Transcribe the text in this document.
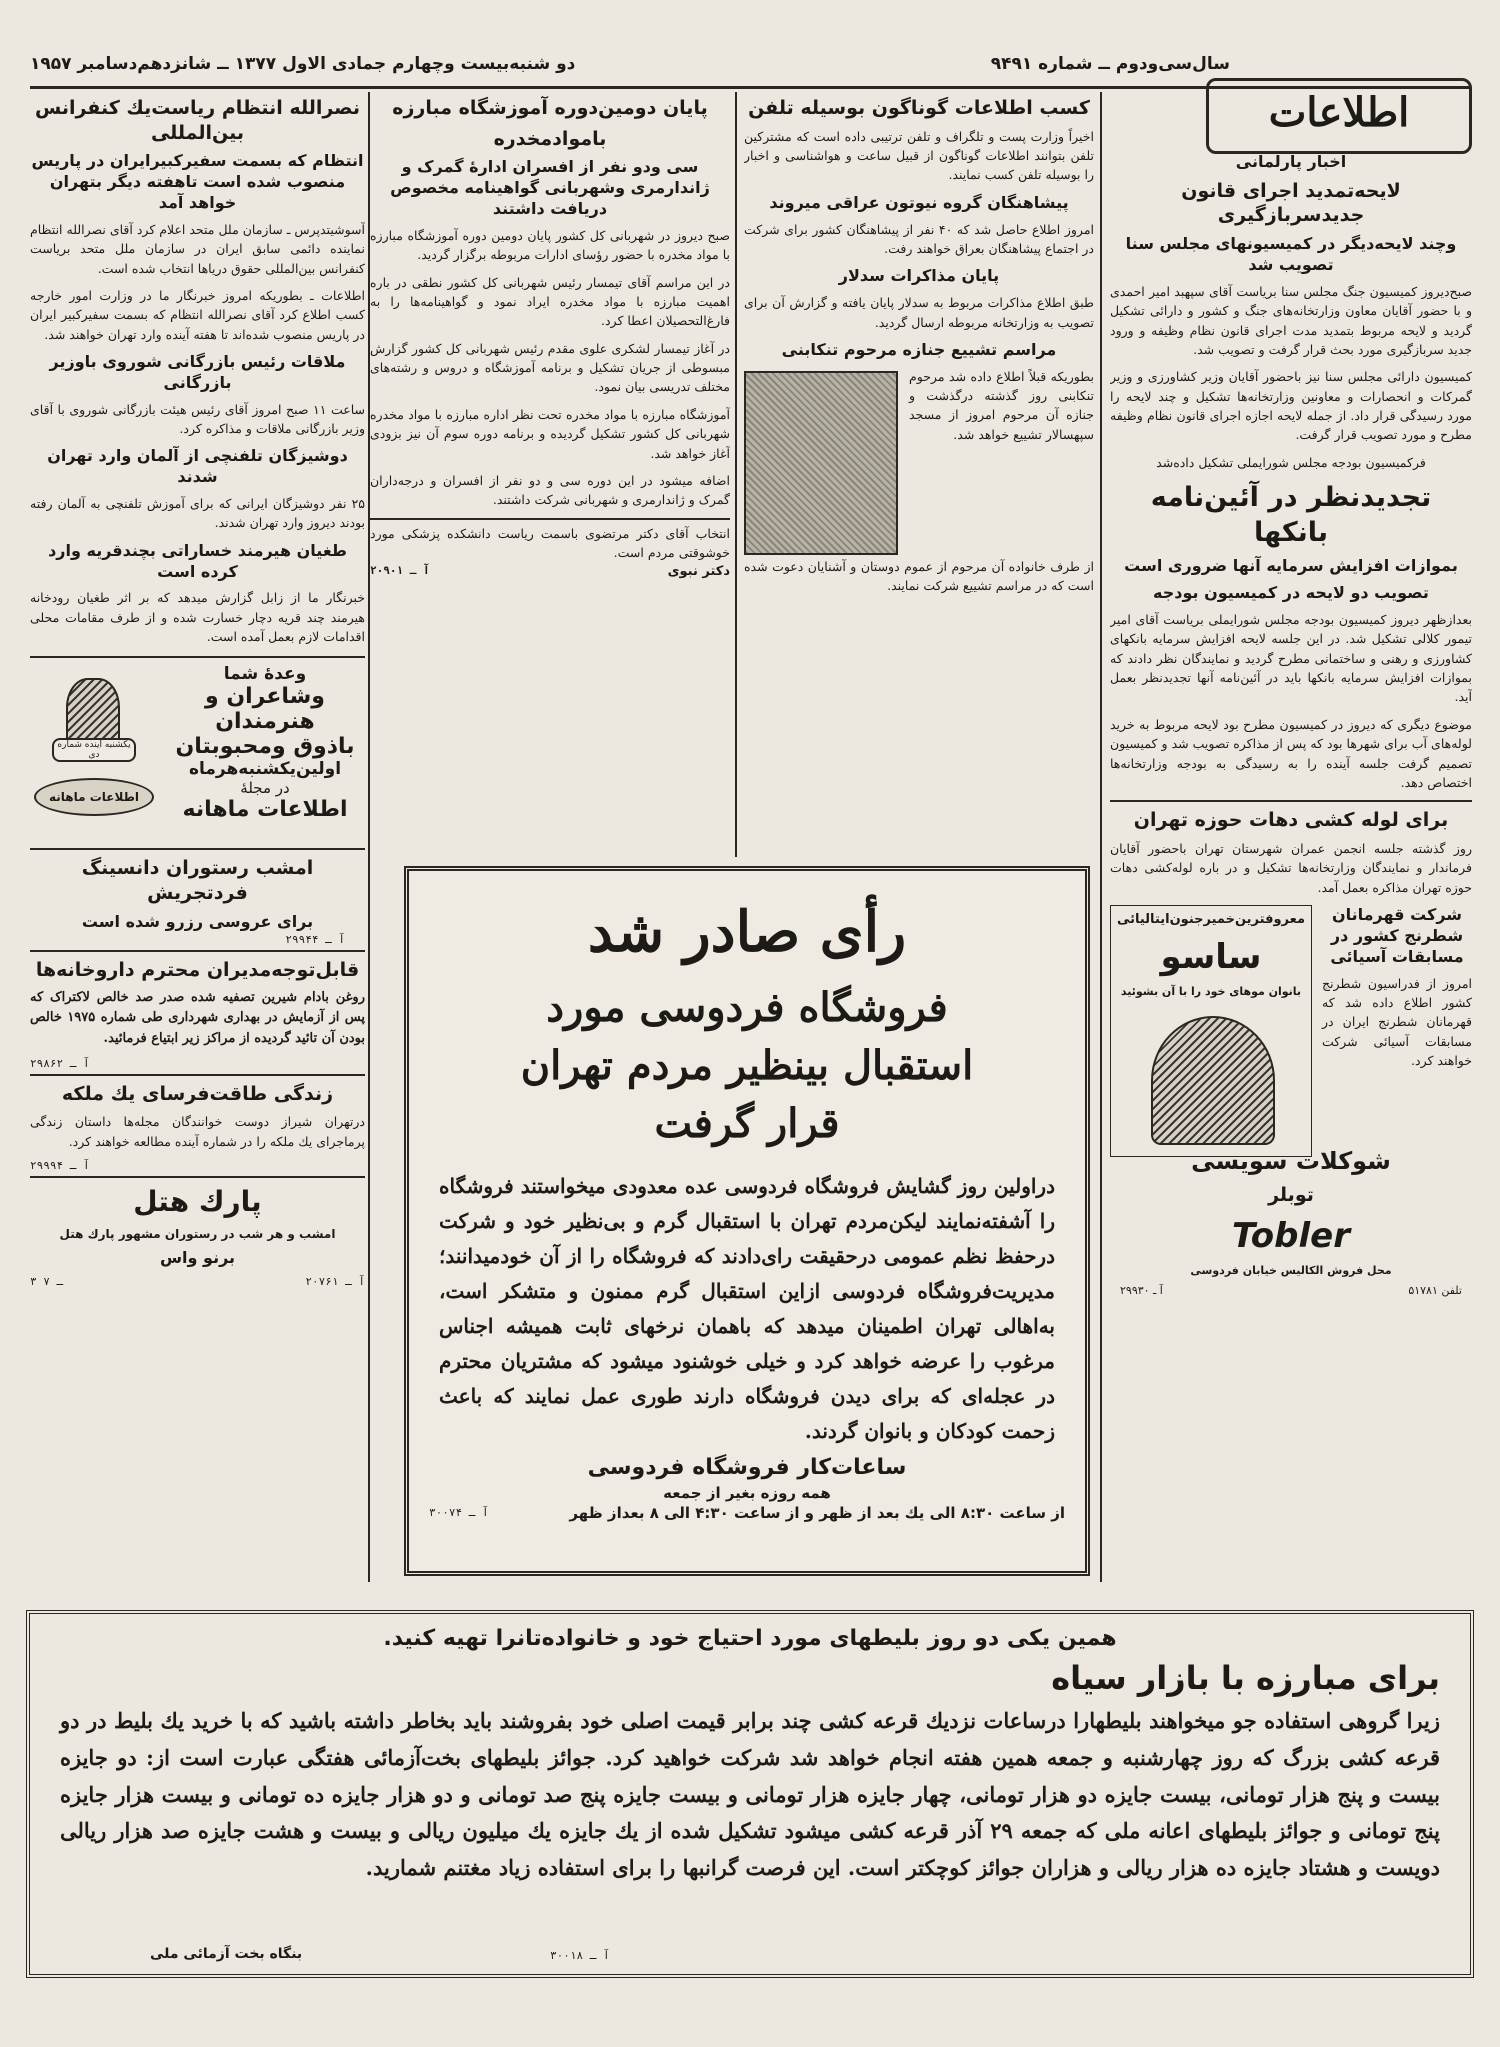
سال‌سی‌ودوم ــ شماره ۹۴۹۱
دو شنبه‌بیست وچهارم جمادی الاول ۱۳۷۷ ــ شانزدهم‌دسامبر ۱۹۵۷
اطلاعات
اخبار پارلمانی
لایحه‌تمدید اجرای قانون جدیدسربازگیری
وچند لایحه‌دیگر در کمیسیونهای مجلس سنا تصویب شد

صبح‌دیروز کمیسیون جنگ مجلس سنا بریاست آقای سپهبد امیر احمدی و با حضور آقایان معاون وزارتخانه‌های جنگ و کشور و دارائی تشکیل گردید و لایحه مربوط بتمدید مدت اجرای قانون نظام وظیفه و ورود جدید سربازگیری مورد بحث قرار گرفت و تصویب شد.

کمیسیون دارائی مجلس سنا نیز باحضور آقایان وزیر کشاورزی و وزیر گمرکات و انحصارات و معاونین وزارتخانه‌ها تشکیل و چند لایحه را مورد رسیدگی قرار داد. از جمله لایحه اجازه اجرای قانون نظام وظیفه مطرح و مورد تصویب قرار گرفت.

فرکمیسیون بودجه مجلس شورایملی تشکیل داده‌شد

تجدیدنظر در آئین‌نامه بانکها
بموازات افزایش سرمایه آنها ضروری است
تصویب دو لایحه در کمیسیون بودجه

بعدازظهر دیروز کمیسیون بودجه مجلس شورایملی بریاست آقای امیر تیمور کلالی تشکیل شد. در این جلسه لایحه افزایش سرمایه بانکهای کشاورزی و رهنی و ساختمانی مطرح گردید و نمایندگان نظر دادند که بموازات افزایش سرمایه بانکها باید در آئین‌نامه آنها تجدیدنظر بعمل آید.

موضوع دیگری که دیروز در کمیسیون مطرح بود لایحه مربوط به خرید لوله‌های آب برای شهرها بود که پس از مذاکره تصویب شد و کمیسیون تصمیم گرفت جلسه آینده را به رسیدگی به بودجه وزارتخانه‌ها اختصاص دهد.

برای لوله کشی دهات حوزه تهران

روز گذشته جلسه انجمن عمران شهرستان تهران باحضور آقایان فرماندار و نمایندگان وزارتخانه‌ها تشکیل و در باره لوله‌کشی دهات حوزه تهران مذاکره بعمل آمد.

شرکت قهرمانان شطرنج کشور در مسابقات آسیائی

امروز از فدراسیون شطرنج کشور اطلاع داده شد که قهرمانان شطرنج ایران در مسابقات آسیائی شرکت خواهند کرد.

معروفترین‌خمیرجنون‌ایتالیائی
ساسو
بانوان موهای خود را با آن بشوئید
شوکلات سویسی
توبلر
Tobler
محل فروش الکالیس خیابان فردوسی
تلفن ۵۱۷۸۱
آ ـ ۲۹۹۳۰
کسب اطلاعات گوناگون بوسیله تلفن

اخیراً وزارت پست و تلگراف و تلفن ترتیبی داده است که مشترکین تلفن بتوانند اطلاعات گوناگون از قبیل ساعت و هواشناسی و اخبار را بوسیله تلفن کسب نمایند.

پیشاهنگان گروه نیوتون عراقی میروند

امروز اطلاع حاصل شد که ۴۰ نفر از پیشاهنگان کشور برای شرکت در اجتماع پیشاهنگان بعراق خواهند رفت.

پایان مذاکرات سدلار

طبق اطلاع مذاکرات مربوط به سدلار پایان یافته و گزارش آن برای تصویب به وزارتخانه مربوطه ارسال گردید.

مراسم تشییع جنازه مرحوم تنکابنی

بطوریکه قبلاً اطلاع داده شد مرحوم تنکابنی روز گذشته درگذشت و جنازه آن مرحوم امروز از مسجد سپهسالار تشییع خواهد شد.

از طرف خانواده آن مرحوم از عموم دوستان و آشنایان دعوت شده است که در مراسم تشییع شرکت نمایند.

پایان دومین‌دوره آموزشگاه مبارزه
باموادمخدره
سی ودو نفر از افسران ادارۀ گمرک و ژاندارمری وشهربانی گواهینامه مخصوص دریافت داشتند

صبح دیروز در شهربانی کل کشور پایان دومین دوره آموزشگاه مبارزه با مواد مخدره با حضور رؤسای ادارات مربوطه برگزار گردید.

در این مراسم آقای تیمسار رئیس شهربانی کل کشور نطقی در باره اهمیت مبارزه با مواد مخدره ایراد نمود و گواهینامه‌ها را به فارغ‌التحصیلان اعطا کرد.

در آغاز تیمسار لشکری علوی مقدم رئیس شهربانی کل کشور گزارش مبسوطی از جریان تشکیل و برنامه آموزشگاه و دروس و رشته‌های مختلف تدریسی بیان نمود.

آموزشگاه مبارزه با مواد مخدره تحت نظر اداره مبارزه با مواد مخدره شهربانی کل کشور تشکیل گردیده و برنامه دوره سوم آن نیز بزودی آغاز خواهد شد.

اضافه میشود در این دوره سی و دو نفر از افسران و درجه‌داران گمرک و ژاندارمری و شهربانی شرکت داشتند.

انتخاب آقای دکتر مرتضوی باسمت ریاست دانشکده پزشکی مورد خوشوقتی مردم است.

دکتر نبوی
آ ـ ۲۰۹۰۱
نصرالله انتظام ریاست‌یك کنفرانس بین‌المللی
انتظام که بسمت سفیرکبیرایران در پاریس منصوب شده است تاهفته دیگر بتهران خواهد آمد

آسوشیتدپرس ـ سازمان ملل متحد اعلام کرد آقای نصرالله انتظام نماینده دائمی سابق ایران در سازمان ملل متحد بریاست کنفرانس بین‌المللی حقوق دریاها انتخاب شده است.

اطلاعات ـ بطوریکه امروز خبرنگار ما در وزارت امور خارجه کسب اطلاع کرد آقای نصرالله انتظام که بسمت سفیرکبیر ایران در پاریس منصوب شده‌اند تا هفته آینده وارد تهران خواهند شد.

ملاقات رئیس بازرگانی شوروی باوزیر بازرگانی

ساعت ۱۱ صبح امروز آقای رئیس هیئت بازرگانی شوروی با آقای وزیر بازرگانی ملاقات و مذاکره کرد.

دوشیزگان تلفنچی از آلمان وارد تهران شدند

۲۵ نفر دوشیزگان ایرانی که برای آموزش تلفنچی به آلمان رفته بودند دیروز وارد تهران شدند.

طغیان هیرمند خساراتی بچندقریه وارد کرده است

خبرنگار ما از زابل گزارش میدهد که بر اثر طغیان رودخانه هیرمند چند قریه دچار خسارت شده و از طرف مقامات محلی اقدامات لازم بعمل آمده است.

وعدۀ شما
وشاعران و هنرمندان
باذوق ومحبوبتان
اولین‌یکشنبه‌هرماه
در مجلهٔ
اطلاعات ماهانه
یکشنبه آینده شماره دی
اطلاعات ماهانه
امشب رستوران دانسینگ فردتجریش
برای عروسی رزرو شده است
آ ـ ۲۹۹۴۴
قابل‌توجه‌مدیران محترم داروخانه‌ها

روغن بادام شیرین تصفیه شده صدر صد خالص لاکتراک که پس از آزمایش در بهداری شهرداری طی شماره ۱۹۷۵ خالص بودن آن تائید گردیده از مراکز زیر ابتیاع فرمائید.

آ ـ ۲۹۸۶۲
زندگی طاقت‌فرسای یك ملکه

درتهران شیراز دوست‌ خوانندگان مجله‌ها داستان زندگی پرماجرای یك ملکه را در شماره آینده مطالعه خواهند کرد.

آ ـ ۲۹۹۹۴
پارك هتل
امشب و هر شب در رستوران مشهور پارك هتل
برنو واس
آ ـ ۲۰۷۶۱
۳ ـ ۷
رأی صادر شد
فروشگاه فردوسی مورد
استقبال بینظیر مردم تهران
قرار گرفت
دراولین روز گشایش فروشگاه فردوسی عده معدودی میخواستند فروشگاه را آشفته‌نمایند لیکن‌مردم تهران با استقبال گرم و بی‌نظیر خود و شرکت درحفظ نظم عمومی درحقیقت رای‌دادند که فروشگاه را از آن خودمیدانند؛ مدیریت‌فروشگاه فردوسی ازاین استقبال گرم ممنون و متشکر است، به‌اهالی تهران اطمینان میدهد که باهمان نرخهای ثابت همیشه اجناس مرغوب را عرضه خواهد کرد و خیلی خوشنود میشود که مشتریان محترم در عجله‌ای که برای دیدن فروشگاه دارند طوری عمل نمایند که باعث زحمت کودکان و بانوان گردند.
ساعات‌کار فروشگاه فردوسی
همه روزه بغیر از جمعه
از ساعت ۸:۳۰ الی یك بعد از ظهر و از ساعت ۴:۳۰ الی ۸ بعداز ظهر
آ ـ ۳۰۰۷۴
همین یکی دو روز بلیطهای مورد احتیاج خود و خانواده‌تانرا تهیه کنید.
برای مبارزه با بازار سیاه
زیرا گروهی استفاده جو میخواهند بلیطهارا درساعات نزدیك قرعه کشی چند برابر قیمت اصلی خود بفروشند باید بخاطر داشته باشید که با خرید یك بلیط در دو قرعه کشی بزرگ که روز چهارشنبه و جمعه همین هفته انجام خواهد شد شرکت خواهید کرد. جوائز بلیطهای بخت‌آزمائی هفتگی عبارت است از: دو جایزه بیست و پنج هزار تومانی، بیست جایزه دو هزار تومانی، چهار جایزه هزار تومانی و بیست جایزه پنج صد تومانی و دو هزار جایزه ده تومانی و بیست هزار جایزه پنج تومانی و جوائز بلیطهای اعانه ملی که جمعه ۲۹ آذر قرعه کشی میشود تشکیل شده از یك جایزه یك میلیون ریالی و بیست و هشت جایزه صد هزار ریالی دویست و هشتاد جایزه ده هزار ریالی و هزاران جوائز کوچکتر است. این فرصت گرانبها را برای استفاده زیاد مغتنم شمارید.
بنگاه بخت آزمائی ملی	آ ـ ۳۰۰۱۸
